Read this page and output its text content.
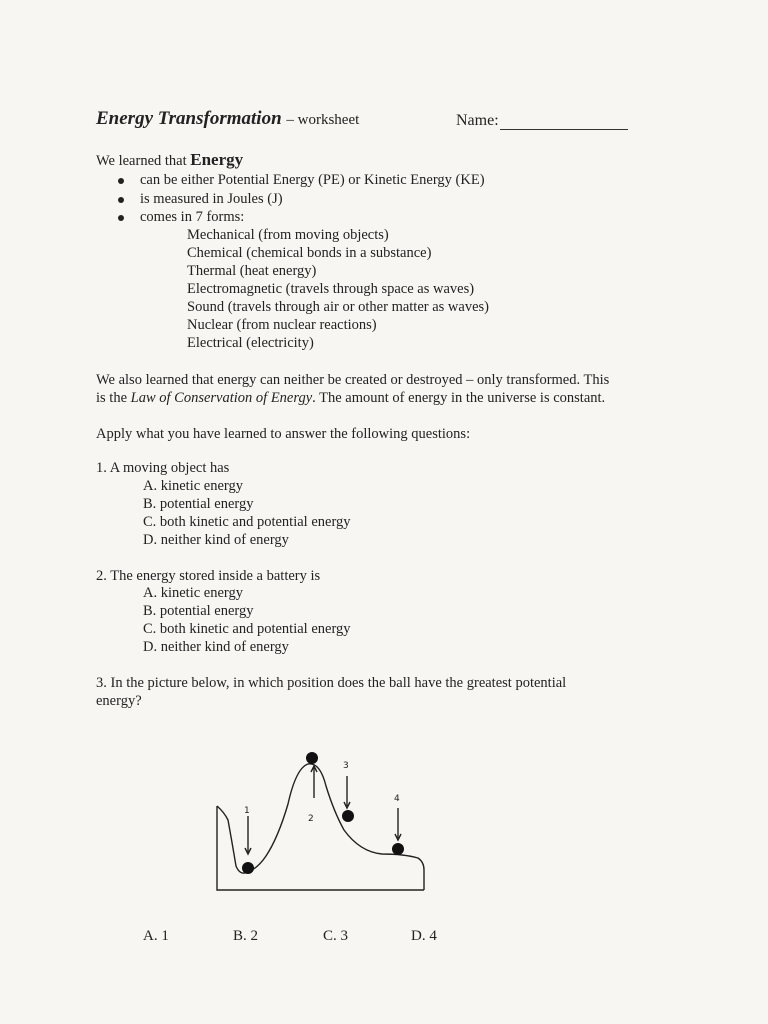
Energy Transformation – worksheet	Name:
We learned that Energy
can be either Potential Energy (PE) or Kinetic Energy (KE)
is measured in Joules (J)
comes in 7 forms:
Mechanical (from moving objects)
Chemical (chemical bonds in a substance)
Thermal (heat energy)
Electromagnetic (travels through space as waves)
Sound (travels through air or other matter as waves)
Nuclear (from nuclear reactions)
Electrical (electricity)
We also learned that energy can neither be created or destroyed – only transformed. This
is the Law of Conservation of Energy. The amount of energy in the universe is constant.
Apply what you have learned to answer the following questions:
1. A moving object has
A. kinetic energy
B. potential energy
C. both kinetic and potential energy
D. neither kind of energy
2. The energy stored inside a battery is
A. kinetic energy
B. potential energy
C. both kinetic and potential energy
D. neither kind of energy
3. In the picture below, in which position does the ball have the greatest potential
energy?
1
2
3
4
A. 1	B. 2	C. 3	D. 4
